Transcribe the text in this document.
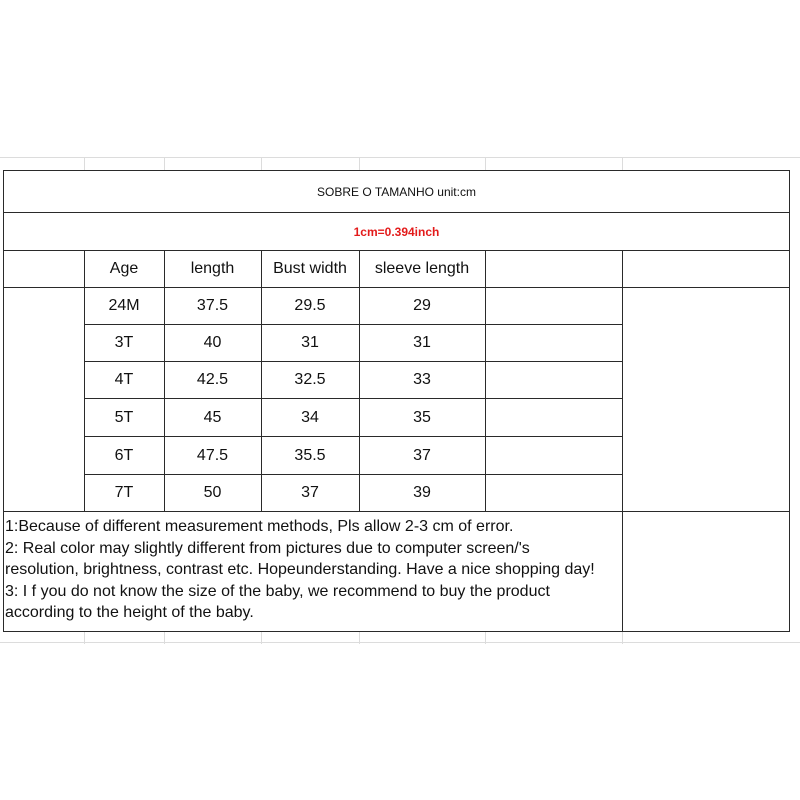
SOBRE O TAMANHO unit:cm
1cm=0.394inch
Age	length	Bust width	sleeve length
24M	37.5	29.5	29
3T	40	31	31
4T	42.5	32.5	33
5T	45	34	35
6T	47.5	35.5	37
7T	50	37	39
1:Because of different measurement methods, Pls allow 2-3 cm of error.
2: Real color may slightly different from pictures due to computer screen/'s
resolution, brightness, contrast etc. Hopeunderstanding. Have a nice shopping day!
3: I f you do not know the size of the baby, we recommend to buy the product
according to the height of the baby.
